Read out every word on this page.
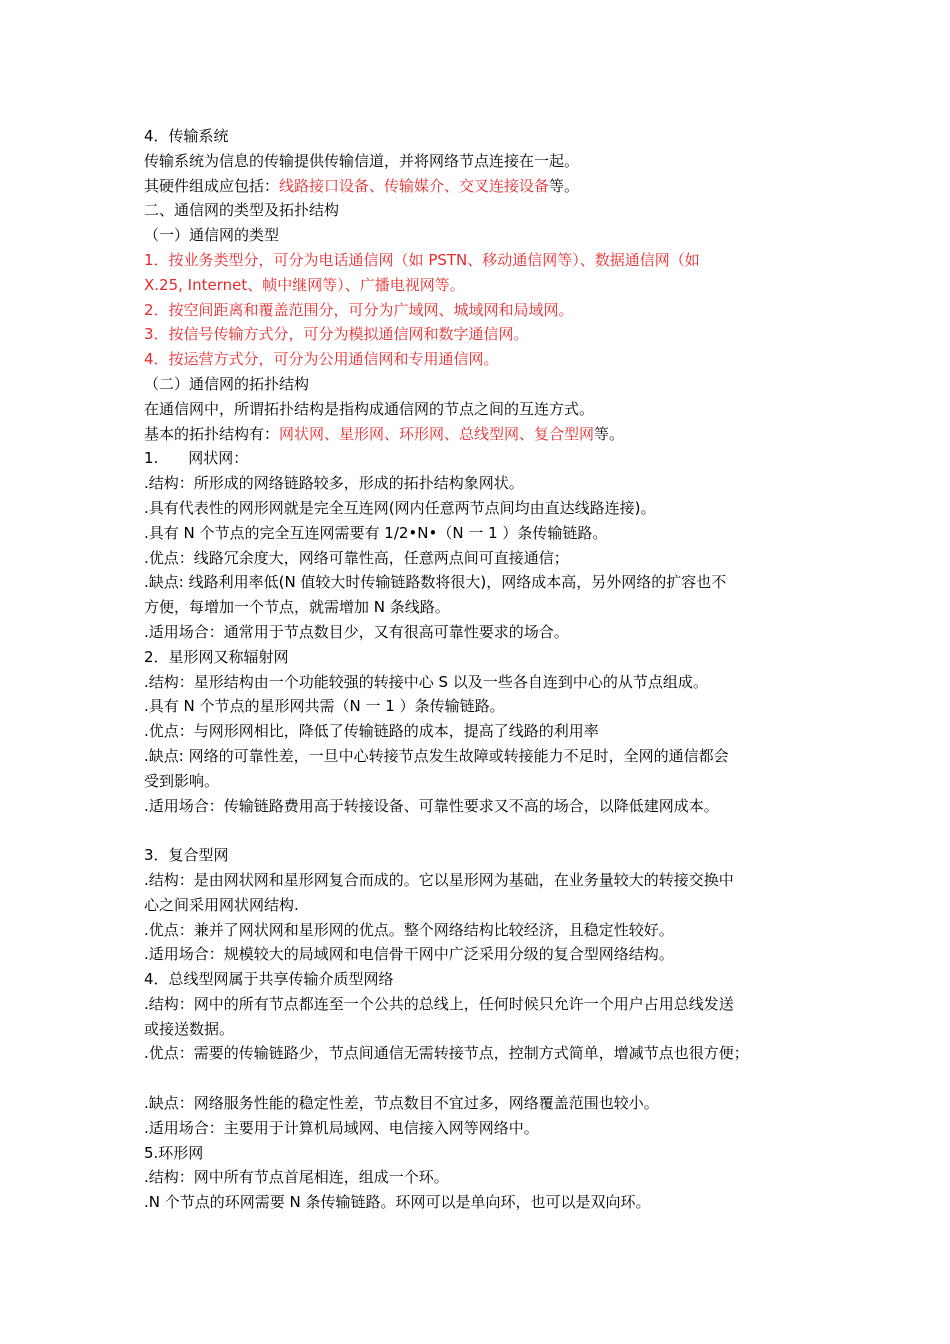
4．传输系统
传输系统为信息的传输提供传输信道，并将网络节点连接在一起。
其硬件组成应包括：线路接口设备、传输媒介、交叉连接设备等。
二、通信网的类型及拓扑结构
（一）通信网的类型
1．按业务类型分，可分为电话通信网（如 PSTN、移动通信网等）、数据通信网（如
X.25, Internet、帧中继网等）、广播电视网等。
2．按空间距离和覆盖范围分，可分为广域网、城域网和局域网。
3．按信号传输方式分，可分为模拟通信网和数字通信网。
4．按运营方式分，可分为公用通信网和专用通信网。
（二）通信网的拓扑结构
在通信网中，所谓拓扑结构是指构成通信网的节点之间的互连方式。
基本的拓扑结构有：网状网、星形网、环形网、总线型网、复合型网等。
1.　　网状网：
.结构：所形成的网络链路较多，形成的拓扑结构象网状。
.具有代表性的网形网就是完全互连网(网内任意两节点间均由直达线路连接)。
.具有 N 个节点的完全互连网需要有 1/2•N•（N 一 1 ）条传输链路。
.优点：线路冗余度大，网络可靠性高，任意两点间可直接通信；
.缺点: 线路利用率低(N 值较大时传输链路数将很大)，网络成本高，另外网络的扩容也不
方便，每增加一个节点，就需增加 N 条线路。
.适用场合：通常用于节点数目少，又有很高可靠性要求的场合。
2．星形网又称辐射网
.结构：星形结构由一个功能较强的转接中心 S 以及一些各自连到中心的从节点组成。
.具有 N 个节点的星形网共需（N 一 1 ）条传输链路。
.优点：与网形网相比，降低了传输链路的成本，提高了线路的利用率
.缺点: 网络的可靠性差，一旦中心转接节点发生故障或转接能力不足时，全网的通信都会
受到影响。
.适用场合：传输链路费用高于转接设备、可靠性要求又不高的场合，以降低建网成本。
3．复合型网
.结构：是由网状网和星形网复合而成的。它以星形网为基础，在业务量较大的转接交换中
心之间采用网状网结构.
.优点：兼并了网状网和星形网的优点。整个网络结构比较经济，且稳定性较好。
.适用场合：规模较大的局域网和电信骨干网中广泛采用分级的复合型网络结构。
4．总线型网属于共享传输介质型网络
.结构：网中的所有节点都连至一个公共的总线上，任何时候只允许一个用户占用总线发送
或接送数据。
.优点：需要的传输链路少，节点间通信无需转接节点，控制方式简单，增减节点也很方便；
.缺点：网络服务性能的稳定性差，节点数目不宜过多，网络覆盖范围也较小。
.适用场合：主要用于计算机局域网、电信接入网等网络中。
5.环形网
.结构：网中所有节点首尾相连，组成一个环。
.N 个节点的环网需要 N 条传输链路。环网可以是单向环，也可以是双向环。
